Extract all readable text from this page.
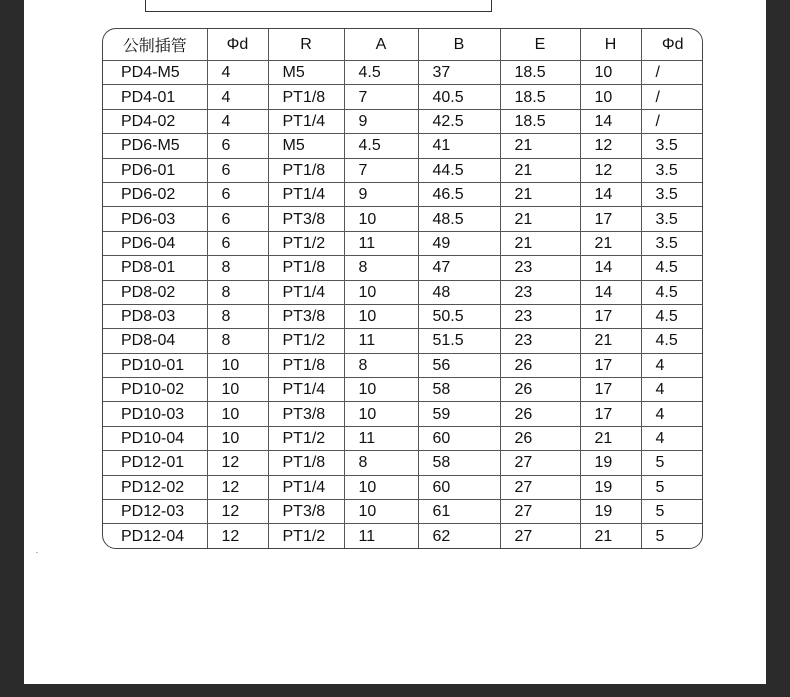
公制插管	Φd	R	A	B	E	H	Φd
PD4-M5	4	M5	4.5	37	18.5	10	/
PD4-01	4	PT1/8	7	40.5	18.5	10	/
PD4-02	4	PT1/4	9	42.5	18.5	14	/
PD6-M5	6	M5	4.5	41	21	12	3.5
PD6-01	6	PT1/8	7	44.5	21	12	3.5
PD6-02	6	PT1/4	9	46.5	21	14	3.5
PD6-03	6	PT3/8	10	48.5	21	17	3.5
PD6-04	6	PT1/2	11	49	21	21	3.5
PD8-01	8	PT1/8	8	47	23	14	4.5
PD8-02	8	PT1/4	10	48	23	14	4.5
PD8-03	8	PT3/8	10	50.5	23	17	4.5
PD8-04	8	PT1/2	11	51.5	23	21	4.5
PD10-01	10	PT1/8	8	56	26	17	4
PD10-02	10	PT1/4	10	58	26	17	4
PD10-03	10	PT3/8	10	59	26	17	4
PD10-04	10	PT1/2	11	60	26	21	4
PD12-01	12	PT1/8	8	58	27	19	5
PD12-02	12	PT1/4	10	60	27	19	5
PD12-03	12	PT3/8	10	61	27	19	5
PD12-04	12	PT1/2	11	62	27	21	5
